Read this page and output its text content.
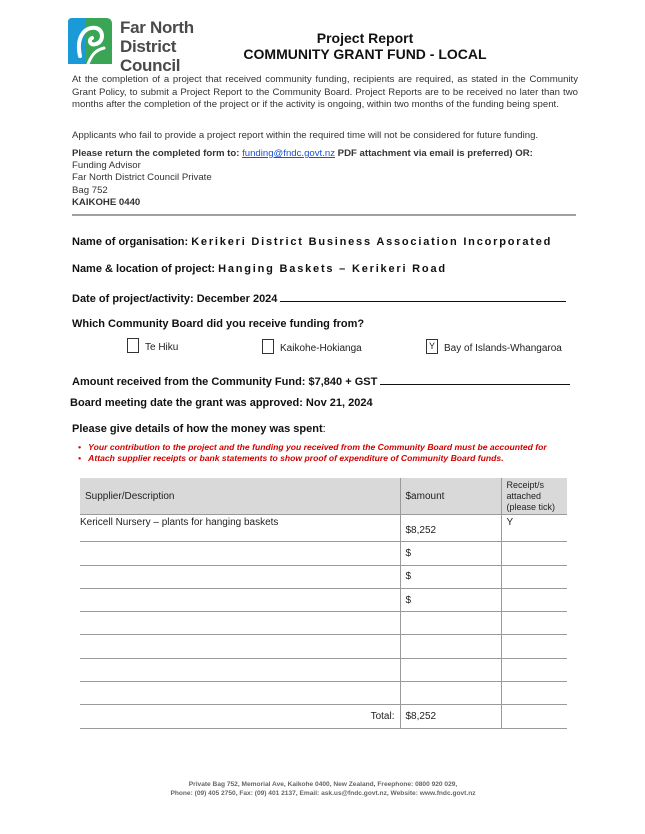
Far North
District Council
Project Report
COMMUNITY GRANT FUND - LOCAL
At the completion of a project that received community funding, recipients are required, as stated in the Community Grant Policy, to submit a Project Report to the Community Board. Project Reports are to be received no later than two months after the completion of the project or if the activity is ongoing, within two months of the funding being spent.
Applicants who fail to provide a project report within the required time will not be considered for future funding.
Please return the completed form to: funding@fndc.govt.nz PDF attachment via email is preferred) OR:
Funding Advisor
Far North District Council Private
Bag 752
KAIKOHE 0440
Name of organisation: Kerikeri District Business Association Incorporated
Name & location of project: Hanging Baskets – Kerikeri Road
Date of project/activity: December 2024
Which Community Board did you receive funding from?
Te Hiku	Kaikohe-Hokianga	Y Bay of Islands-Whangaroa
Amount received from the Community Fund: $7,840 + GST
Board meeting date the grant was approved: Nov 21, 2024
Please give details of how the money was spent:
•   Your contribution to the project and the funding you received from the Community Board must be accounted for
•   Attach supplier receipts or bank statements to show proof of expenditure of Community Board funds.
Supplier/Description	$amount	Receipt/s attached (please tick)
Kericell Nursery – plants for hanging baskets	$8,252	Y
	$	
	$	
	$	

Total:	$8,252	
Private Bag 752, Memorial Ave, Kaikohe 0400, New Zealand, Freephone: 0800 920 029,
Phone: (09) 405 2750, Fax: (09) 401 2137, Email: ask.us@fndc.govt.nz, Website: www.fndc.govt.nz
